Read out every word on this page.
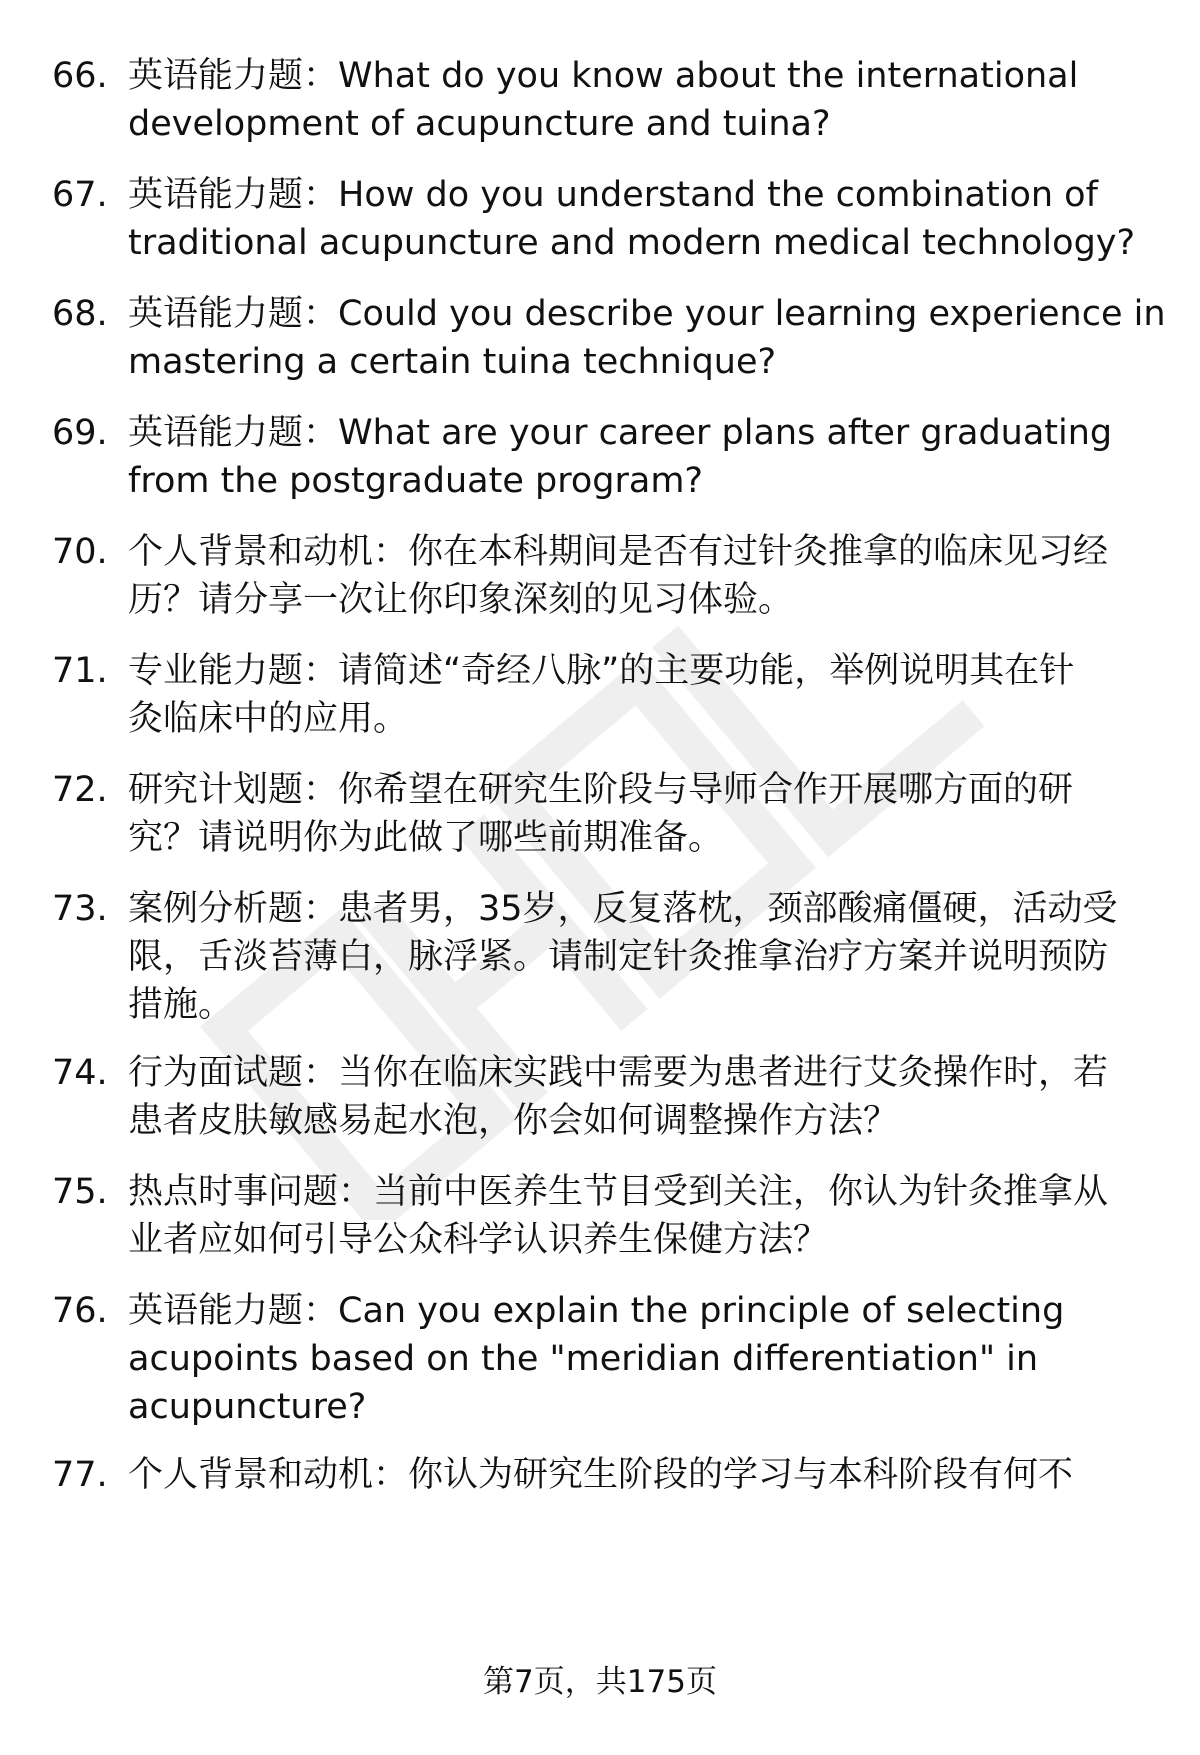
66. 英语能力题：What do you know about the international
development of acupuncture and tuina?
67. 英语能力题：How do you understand the combination of
traditional acupuncture and modern medical technology?
68. 英语能力题：Could you describe your learning experience in
mastering a certain tuina technique?
69. 英语能力题：What are your career plans after graduating
from the postgraduate program?
70. 个人背景和动机：你在本科期间是否有过针灸推拿的临床见习经
历？请分享一次让你印象深刻的见习体验。
71. 专业能力题：请简述“奇经八脉”的主要功能，举例说明其在针
灸临床中的应用。
72. 研究计划题：你希望在研究生阶段与导师合作开展哪方面的研
究？请说明你为此做了哪些前期准备。
73. 案例分析题：患者男，35岁，反复落枕，颈部酸痛僵硬，活动受
限，舌淡苔薄白，脉浮紧。请制定针灸推拿治疗方案并说明预防
措施。
74. 行为面试题：当你在临床实践中需要为患者进行艾灸操作时，若
患者皮肤敏感易起水泡，你会如何调整操作方法？
75. 热点时事问题：当前中医养生节目受到关注，你认为针灸推拿从
业者应如何引导公众科学认识养生保健方法？
76. 英语能力题：Can you explain the principle of selecting
acupoints based on the "meridian differentiation" in
acupuncture?
77. 个人背景和动机：你认为研究生阶段的学习与本科阶段有何不
第7页，共175页
